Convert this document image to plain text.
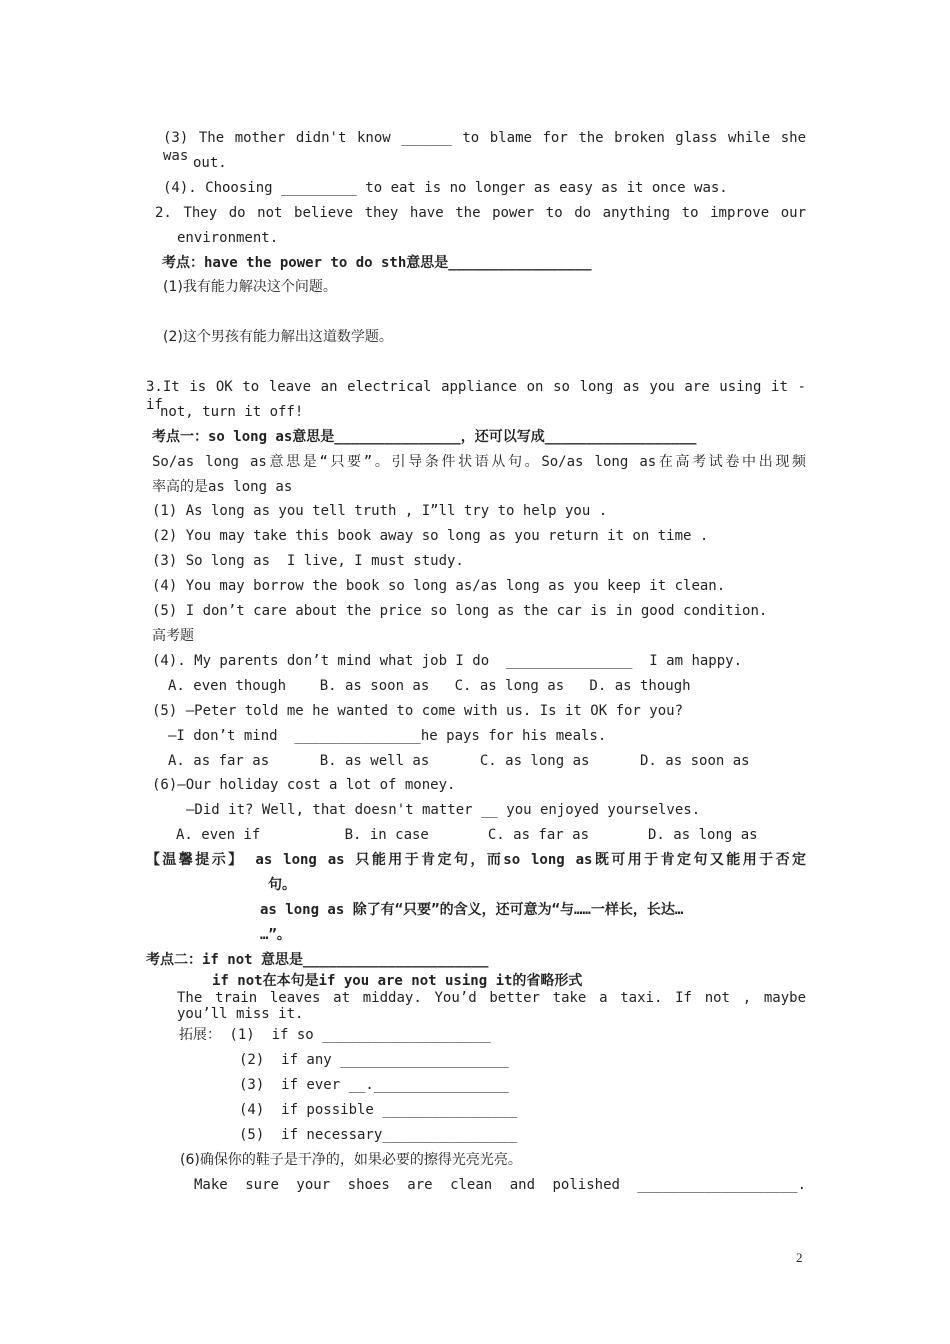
(3) The mother didn't know ______ to blame for the broken glass while she was out.
(4). Choosing _________ to eat is no longer as easy as it once was.
2. They do not believe they have the power to do anything to improve our
environment.
考点：have the power to do sth意思是_________________
(1)我有能力解决这个问题。
(2)这个男孩有能力解出这道数学题。
3.It is OK to leave an electrical appliance on so long as you are using it - if
not, turn it off!
考点一：so long as意思是_______________，还可以写成__________________
So/as long as意思是“只要”。引导条件状语从句。So/as long as在高考试卷中出现频
率高的是as long as
(1) As long as you tell truth , I”ll try to help you .
(2) You may take this book away so long as you return it on time .
(3) So long as  I live, I must study.
(4) You may borrow the book so long as/as long as you keep it clean.
(5) I don’t care about the price so long as the car is in good condition.
高考题
(4). My parents don’t mind what job I do  _______________  I am happy.
A. even though    B. as soon as   C. as long as   D. as though
(5) —Peter told me he wanted to come with us. Is it OK for you?
—I don’t mind  _______________he pays for his meals.
A. as far as      B. as well as      C. as long as      D. as soon as
(6)—Our holiday cost a lot of money.
—Did it? Well, that doesn't matter __ you enjoyed yourselves.
A. even if          B. in case       C. as far as       D. as long as
【温馨提示】 as long as 只能用于肯定句，而so long as既可用于肯定句又能用于否定
句。
as long as 除了有“只要”的含义，还可意为“与……一样长，长达…
…”。
考点二：if not 意思是______________________
if not在本句是if you are not using it的省略形式
The train leaves at midday. You’d better take a taxi. If not , maybe
you’ll miss it.
拓展： (1)  if so ____________________
(2)  if any ____________________
(3)  if ever __.________________
(4)  if possible ________________
(5)  if necessary________________
(6)确保你的鞋子是干净的，如果必要的擦得光亮光亮。
Make sure your shoes are clean and polished ___________________.
2
